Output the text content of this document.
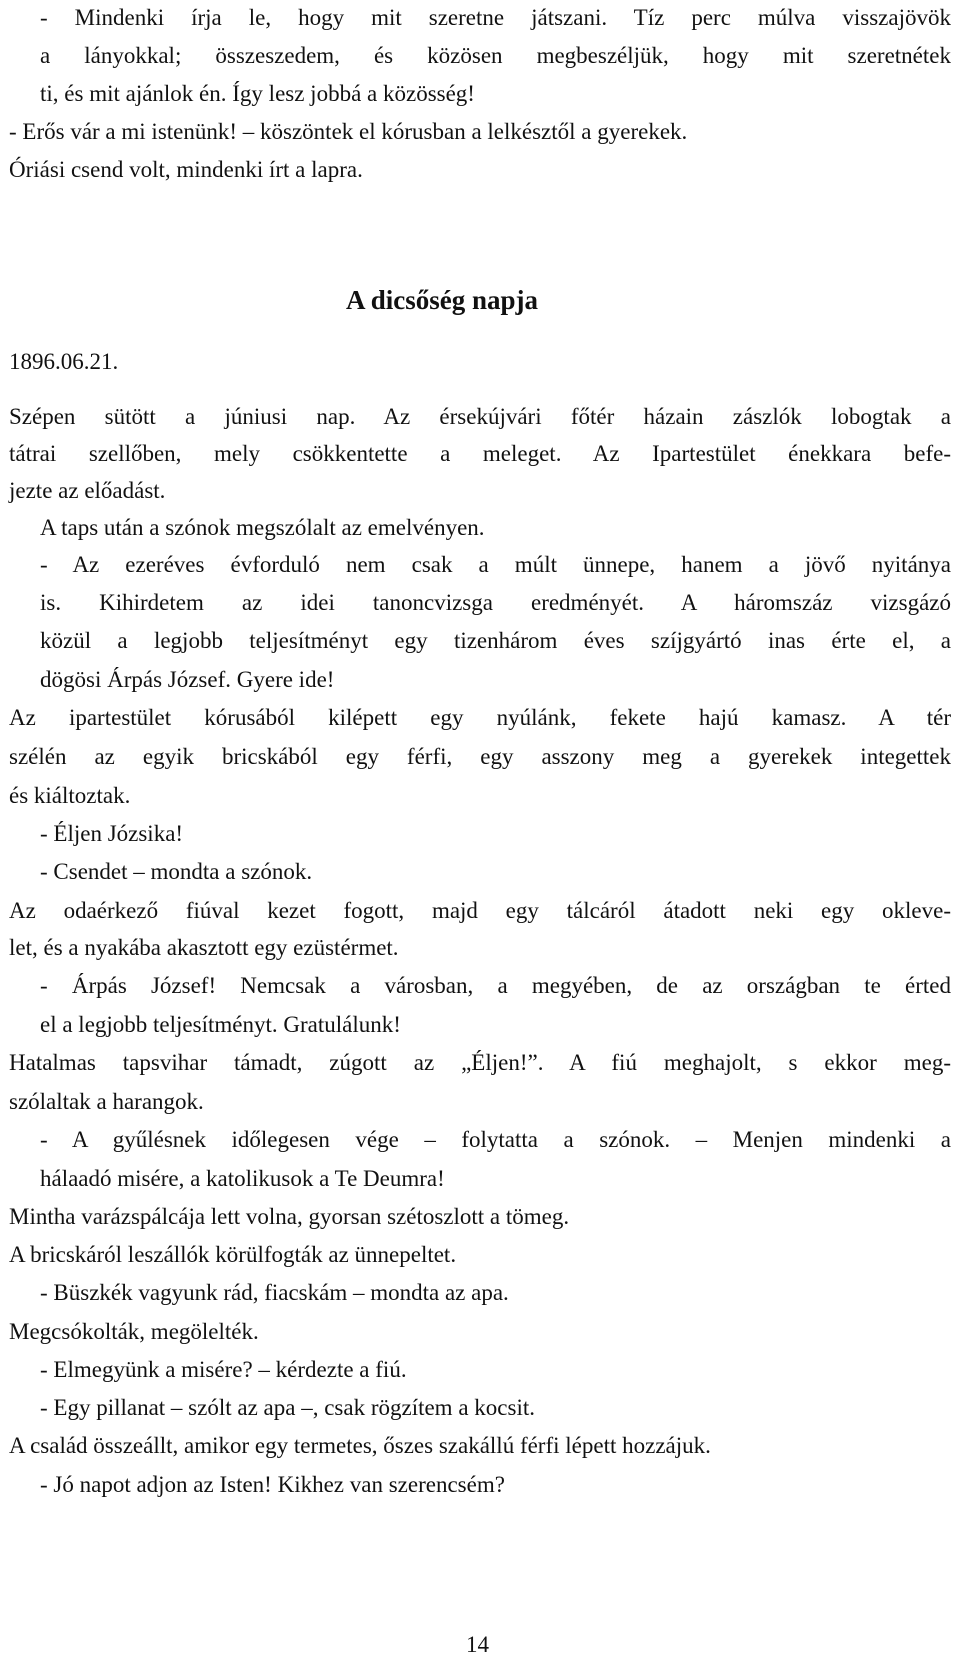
- Mindenki írja le, hogy mit szeretne játszani. Tíz perc múlva visszajövök
a lányokkal; összeszedem, és közösen megbeszéljük, hogy mit szeretnétek
ti, és mit ajánlok én. Így lesz jobbá a közösség!
- Erős vár a mi istenünk! – köszöntek el kórusban a lelkésztől a gyerekek.
Óriási csend volt, mindenki írt a lapra.
A dicsőség napja
1896.06.21.
Szépen sütött a júniusi nap. Az érsekújvári főtér házain zászlók lobogtak a
tátrai szellőben, mely csökkentette a meleget. Az Ipartestület énekkara befe-
jezte az előadást.
A taps után a szónok megszólalt az emelvényen.
- Az ezeréves évforduló nem csak a múlt ünnepe, hanem a jövő nyitánya
is. Kihirdetem az idei tanoncvizsga eredményét. A háromszáz vizsgázó
közül a legjobb teljesítményt egy tizenhárom éves szíjgyártó inas érte el, a
dögösi Árpás József. Gyere ide!
Az ipartestület kórusából kilépett egy nyúlánk, fekete hajú kamasz. A tér
szélén az egyik bricskából egy férfi, egy asszony meg a gyerekek integettek
és kiáltoztak.
- Éljen Józsika!
- Csendet – mondta a szónok.
Az odaérkező fiúval kezet fogott, majd egy tálcáról átadott neki egy okleve-
let, és a nyakába akasztott egy ezüstérmet.
- Árpás József! Nemcsak a városban, a megyében, de az országban te érted
el a legjobb teljesítményt. Gratulálunk!
Hatalmas tapsvihar támadt, zúgott az „Éljen!”. A fiú meghajolt, s ekkor meg-
szólaltak a harangok.
- A gyűlésnek időlegesen vége – folytatta a szónok. – Menjen mindenki a
hálaadó misére, a katolikusok a Te Deumra!
Mintha varázspálcája lett volna, gyorsan szétoszlott a tömeg.
A bricskáról leszállók körülfogták az ünnepeltet.
- Büszkék vagyunk rád, fiacskám – mondta az apa.
Megcsókolták, megölelték.
- Elmegyünk a misére? – kérdezte a fiú.
- Egy pillanat – szólt az apa –, csak rögzítem a kocsit.
A család összeállt, amikor egy termetes, őszes szakállú férfi lépett hozzájuk.
- Jó napot adjon az Isten! Kikhez van szerencsém?
14
